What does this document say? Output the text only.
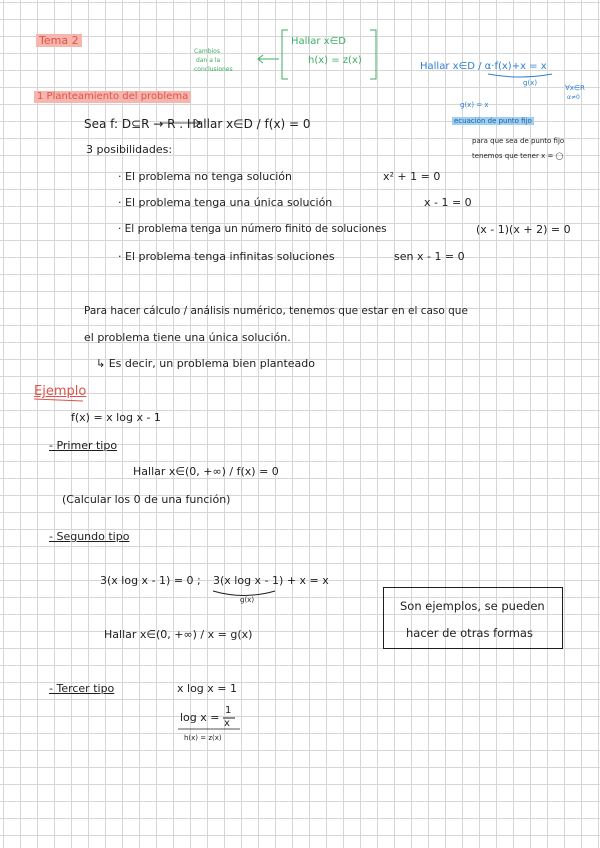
Tema 2
Cambios
dan a la
conclusiones
Hallar x∈D
h(x) = z(x)
Hallar x∈D / α·f(x)+x = x
g(x)
∀x∈R
α≠0
g(x) = x
ecuación de punto fijo
para que sea de punto fijo
tenemos que tener x = ◯
1 Planteamiento del problema
Sea f: D⊆R → R . Hallar x∈D / f(x) = 0
3 posibilidades:
· El problema no tenga solución	x² + 1 = 0
· El problema tenga una única solución	x - 1 = 0
· El problema tenga un número finito de soluciones	(x - 1)(x + 2) = 0
· El problema tenga infinitas soluciones	sen x - 1 = 0
Para hacer cálculo / análisis numérico, tenemos que estar en el caso que
el problema tiene una única solución.
↳ Es decir, un problema bien planteado
Ejemplo
f(x) = x log x - 1
- Primer tipo
Hallar x∈(0, +∞) / f(x) = 0
(Calcular los 0 de una función)
- Segundo tipo
3(x log x - 1) = 0 ; 3(x log x - 1) + x = x
g(x)
Hallar x∈(0, +∞) / x = g(x)
Son ejemplos, se pueden
hacer de otras formas
- Tercer tipo	x log x = 1
log x =
1
x
h(x) = z(x)
